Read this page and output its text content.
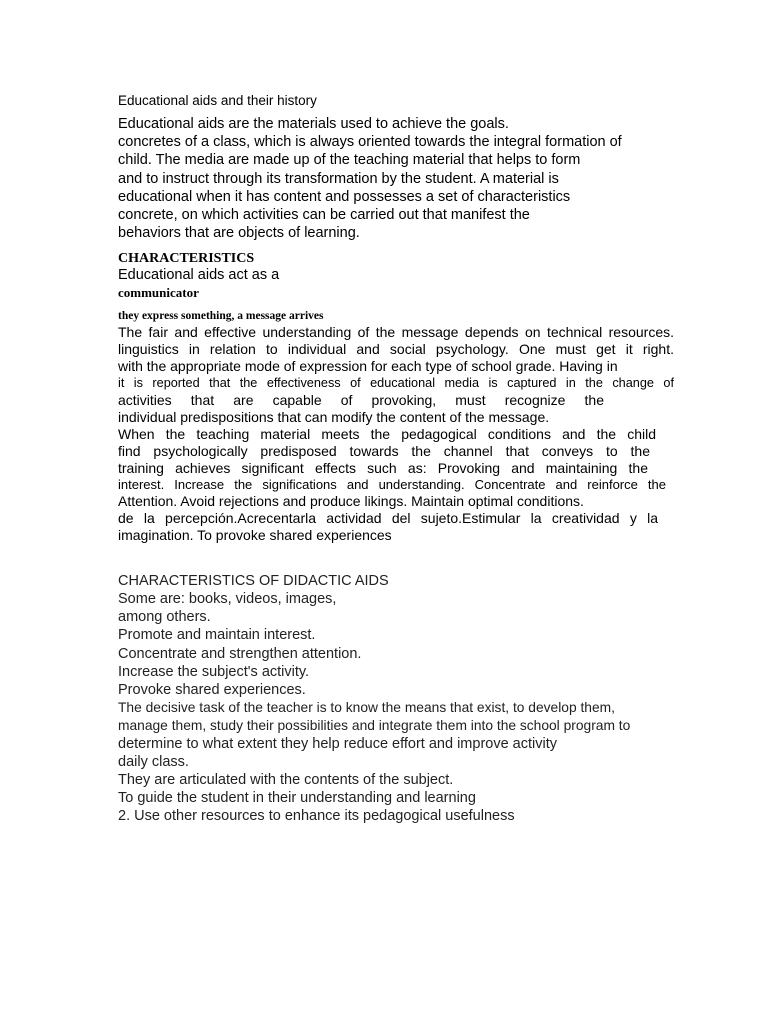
Educational aids and their history
Educational aids are the materials used to achieve the goals.
concretes of a class, which is always oriented towards the integral formation of
child. The media are made up of the teaching material that helps to form
and to instruct through its transformation by the student. A material is
educational when it has content and possesses a set of characteristics
concrete, on which activities can be carried out that manifest the
behaviors that are objects of learning.
CHARACTERISTICS
Educational aids act as a
communicator
they express something, a message arrives
The fair and effective understanding of the message depends on technical resources.
linguistics in relation to individual and social psychology. One must get it right.
with the appropriate mode of expression for each type of school grade. Having in
it is reported that the effectiveness of educational media is captured in the change of
activities that are capable of provoking, must recognize the
individual predispositions that can modify the content of the message.
When the teaching material meets the pedagogical conditions and the child
find psychologically predisposed towards the channel that conveys to the
training achieves significant effects such as: Provoking and maintaining the
interest. Increase the significations and understanding. Concentrate and reinforce the
Attention. Avoid rejections and produce likings. Maintain optimal conditions.
de la percepción.Acrecentarla actividad del sujeto.Estimular la creatividad y la
imagination. To provoke shared experiences
CHARACTERISTICS OF DIDACTIC AIDS
Some are: books, videos, images,
among others.
Promote and maintain interest.
Concentrate and strengthen attention.
Increase the subject's activity.
Provoke shared experiences.
The decisive task of the teacher is to know the means that exist, to develop them,
manage them, study their possibilities and integrate them into the school program to
determine to what extent they help reduce effort and improve activity
daily class.
They are articulated with the contents of the subject.
To guide the student in their understanding and learning
2. Use other resources to enhance its pedagogical usefulness
